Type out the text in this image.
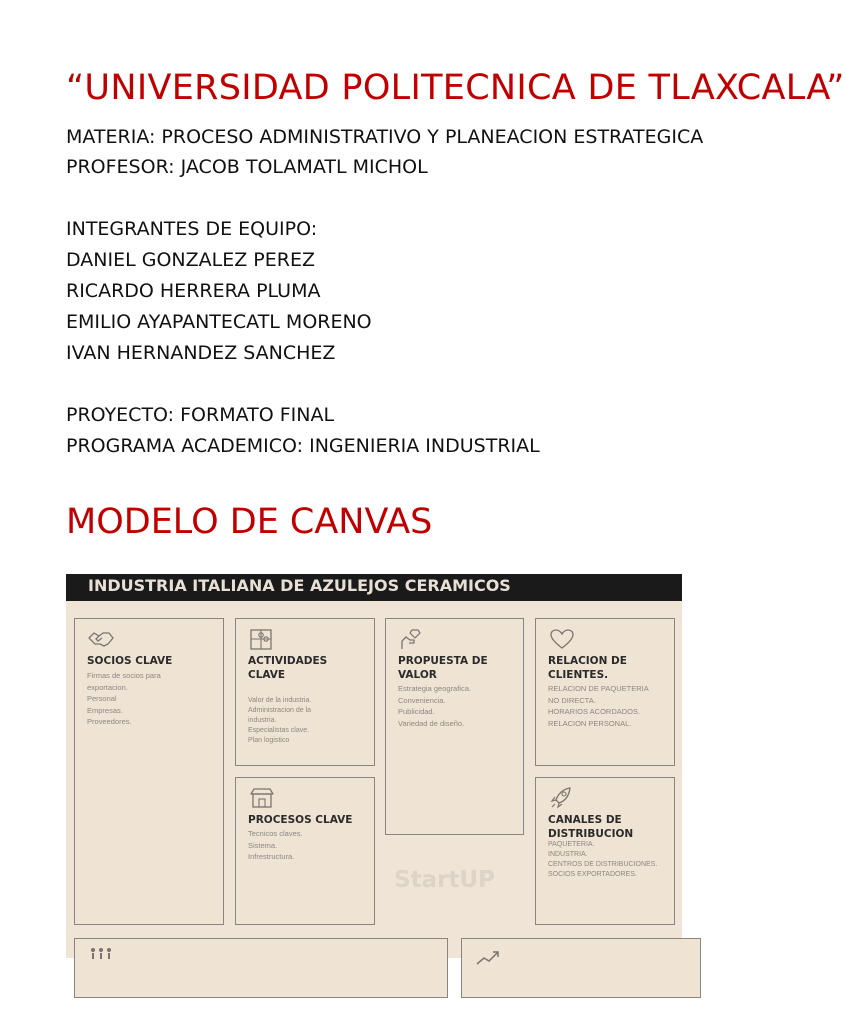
“UNIVERSIDAD POLITECNICA DE TLAXCALA”
MATERIA: PROCESO ADMINISTRATIVO Y PLANEACION ESTRATEGICA
PROFESOR: JACOB TOLAMATL MICHOL
INTEGRANTES DE EQUIPO:
DANIEL GONZALEZ PEREZ
RICARDO HERRERA PLUMA
EMILIO AYAPANTECATL MORENO
IVAN HERNANDEZ SANCHEZ
PROYECTO: FORMATO FINAL
PROGRAMA ACADEMICO: INGENIERIA INDUSTRIAL
MODELO DE CANVAS
INDUSTRIA ITALIANA DE AZULEJOS CERAMICOS
SOCIOS CLAVE
Firmas de socios para
exportacion.
Personal
Empresas.
Proveedores.
ACTIVIDADES CLAVE
Valor de la industria.
Administracion de la
industria.
Especialistas clave.
Plan logistico
PROPUESTA DE VALOR
Estrategia geografica.
Conveniencia.
Publicidad.
Variedad de diseño.
RELACION DE CLIENTES.
RELACION DE PAQUETERIA
NO DIRECTA.
HORARIOS ACORDADOS.
RELACION PERSONAL.
PROCESOS CLAVE
Tecnicos claves.
Sistema.
Infrestructura.
CANALES DE DISTRIBUCION
PAQUETERIA.
INDUSTRIA.
CENTROS DE DISTRIBUCIONES.
SOCIOS EXPORTADORES.
StartUP
